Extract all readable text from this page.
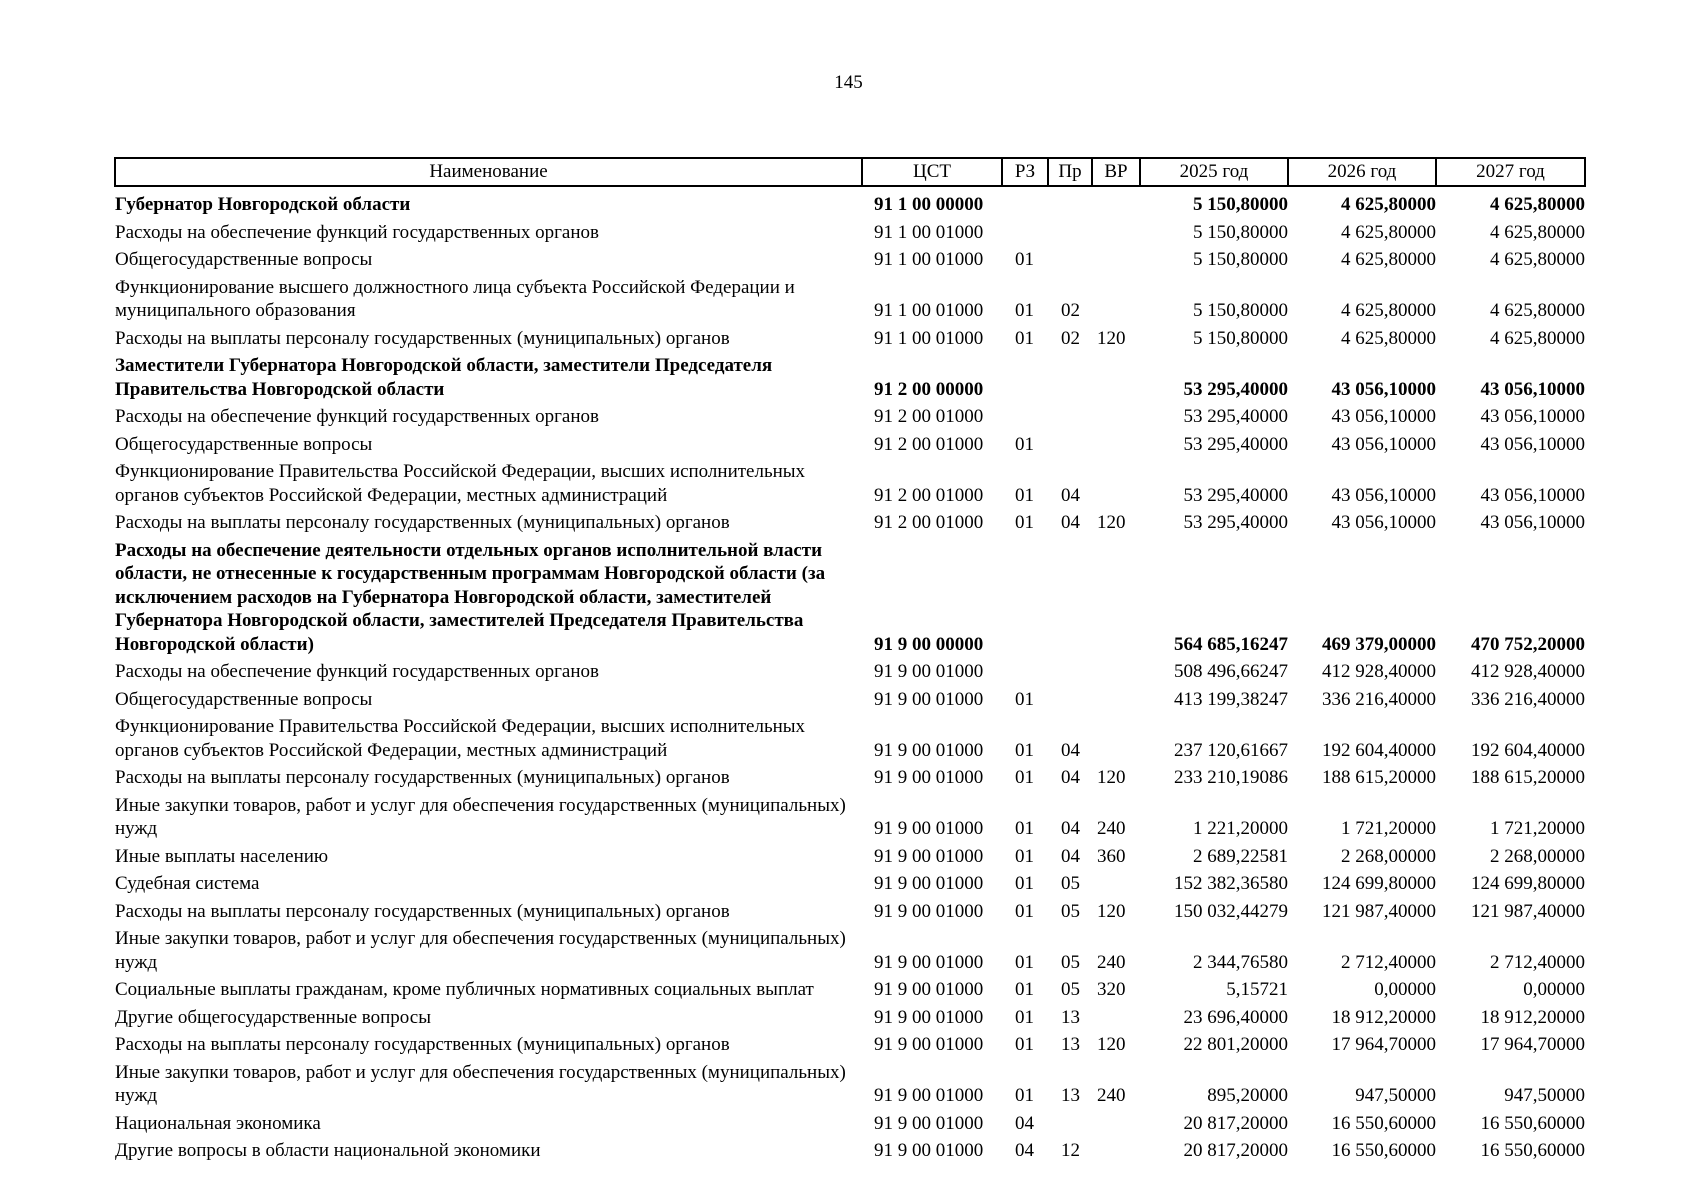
145
Наименование	ЦСТ	РЗ	Пр	ВР	2025 год	2026 год	2027 год
Губернатор Новгородской области	91 1 00 00000				5 150,80000	4 625,80000	4 625,80000
Расходы на обеспечение функций государственных органов	91 1 00 01000				5 150,80000	4 625,80000	4 625,80000
Общегосударственные вопросы	91 1 00 01000	01			5 150,80000	4 625,80000	4 625,80000
Функционирование высшего должностного лица субъекта Российской Федерации и муниципального образования	91 1 00 01000	01	02		5 150,80000	4 625,80000	4 625,80000
Расходы на выплаты персоналу государственных (муниципальных) органов	91 1 00 01000	01	02	120	5 150,80000	4 625,80000	4 625,80000
Заместители Губернатора Новгородской области, заместители Председателя Правительства Новгородской области	91 2 00 00000				53 295,40000	43 056,10000	43 056,10000
Расходы на обеспечение функций государственных органов	91 2 00 01000				53 295,40000	43 056,10000	43 056,10000
Общегосударственные вопросы	91 2 00 01000	01			53 295,40000	43 056,10000	43 056,10000
Функционирование Правительства Российской Федерации, высших исполнительных органов субъектов Российской Федерации, местных администраций	91 2 00 01000	01	04		53 295,40000	43 056,10000	43 056,10000
Расходы на выплаты персоналу государственных (муниципальных) органов	91 2 00 01000	01	04	120	53 295,40000	43 056,10000	43 056,10000
Расходы на обеспечение деятельности отдельных органов исполнительной власти области, не отнесенные к государственным программам Новгородской области (за исключением расходов на Губернатора Новгородской области, заместителей Губернатора Новгородской области, заместителей Председателя Правительства Новгородской области)	91 9 00 00000				564 685,16247	469 379,00000	470 752,20000
Расходы на обеспечение функций государственных органов	91 9 00 01000				508 496,66247	412 928,40000	412 928,40000
Общегосударственные вопросы	91 9 00 01000	01			413 199,38247	336 216,40000	336 216,40000
Функционирование Правительства Российской Федерации, высших исполнительных органов субъектов Российской Федерации, местных администраций	91 9 00 01000	01	04		237 120,61667	192 604,40000	192 604,40000
Расходы на выплаты персоналу государственных (муниципальных) органов	91 9 00 01000	01	04	120	233 210,19086	188 615,20000	188 615,20000
Иные закупки товаров, работ и услуг для обеспечения государственных (муниципальных) нужд	91 9 00 01000	01	04	240	1 221,20000	1 721,20000	1 721,20000
Иные выплаты населению	91 9 00 01000	01	04	360	2 689,22581	2 268,00000	2 268,00000
Судебная система	91 9 00 01000	01	05		152 382,36580	124 699,80000	124 699,80000
Расходы на выплаты персоналу государственных (муниципальных) органов	91 9 00 01000	01	05	120	150 032,44279	121 987,40000	121 987,40000
Иные закупки товаров, работ и услуг для обеспечения государственных (муниципальных) нужд	91 9 00 01000	01	05	240	2 344,76580	2 712,40000	2 712,40000
Социальные выплаты гражданам, кроме публичных нормативных социальных выплат	91 9 00 01000	01	05	320	5,15721	0,00000	0,00000
Другие общегосударственные вопросы	91 9 00 01000	01	13		23 696,40000	18 912,20000	18 912,20000
Расходы на выплаты персоналу государственных (муниципальных) органов	91 9 00 01000	01	13	120	22 801,20000	17 964,70000	17 964,70000
Иные закупки товаров, работ и услуг для обеспечения государственных (муниципальных) нужд	91 9 00 01000	01	13	240	895,20000	947,50000	947,50000
Национальная экономика	91 9 00 01000	04			20 817,20000	16 550,60000	16 550,60000
Другие вопросы в области национальной экономики	91 9 00 01000	04	12		20 817,20000	16 550,60000	16 550,60000
